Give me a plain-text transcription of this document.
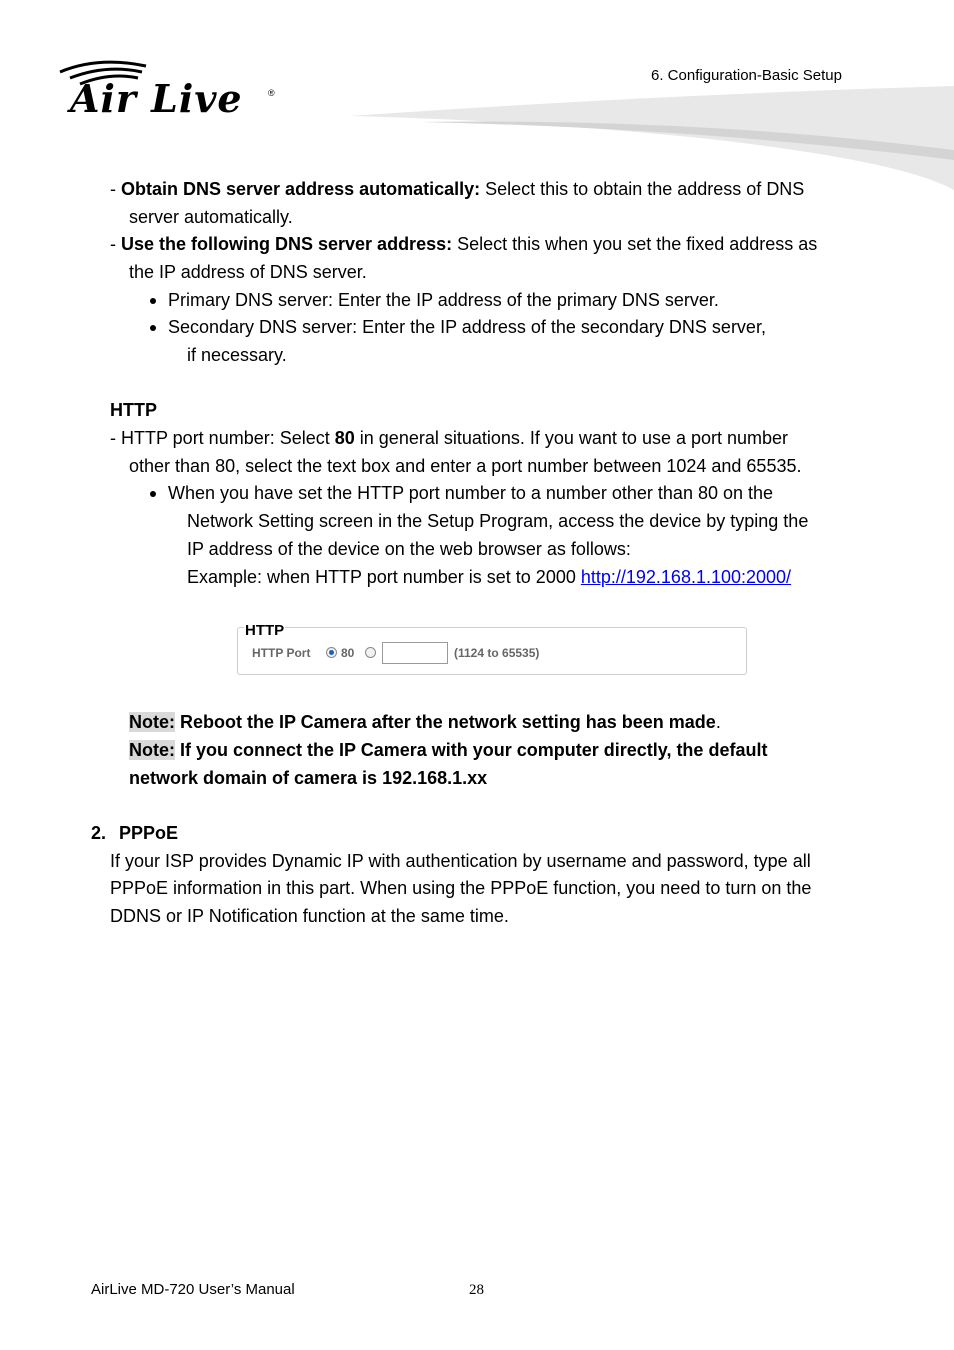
Air Live	®
6. Configuration-Basic Setup
- Obtain DNS server address automatically: Select this to obtain the address of DNS
server automatically.
- Use the following DNS server address: Select this when you set the fixed address as
the IP address of DNS server.
Primary DNS server: Enter the IP address of the primary DNS server.
Secondary DNS server: Enter the IP address of the secondary DNS server,
if necessary.
HTTP
- HTTP port number: Select 80 in general situations. If you want to use a port number
other than 80, select the text box and enter a port number between 1024 and 65535.
When you have set the HTTP port number to a number other than 80 on the
Network Setting screen in the Setup Program, access the device by typing the
IP address of the device on the web browser as follows:
Example: when HTTP port number is set to 2000 http://192.168.1.100:2000/
HTTP
HTTP Port	80	(1124 to 65535)
Note: Reboot the IP Camera after the network setting has been made.
Note: If you connect the IP Camera with your computer directly, the default
network domain of camera is 192.168.1.xx
2. PPPoE
If your ISP provides Dynamic IP with authentication by username and password, type all
PPPoE information in this part. When using the PPPoE function, you need to turn on the
DDNS or IP Notification function at the same time.
AirLive MD-720 User’s Manual	28
